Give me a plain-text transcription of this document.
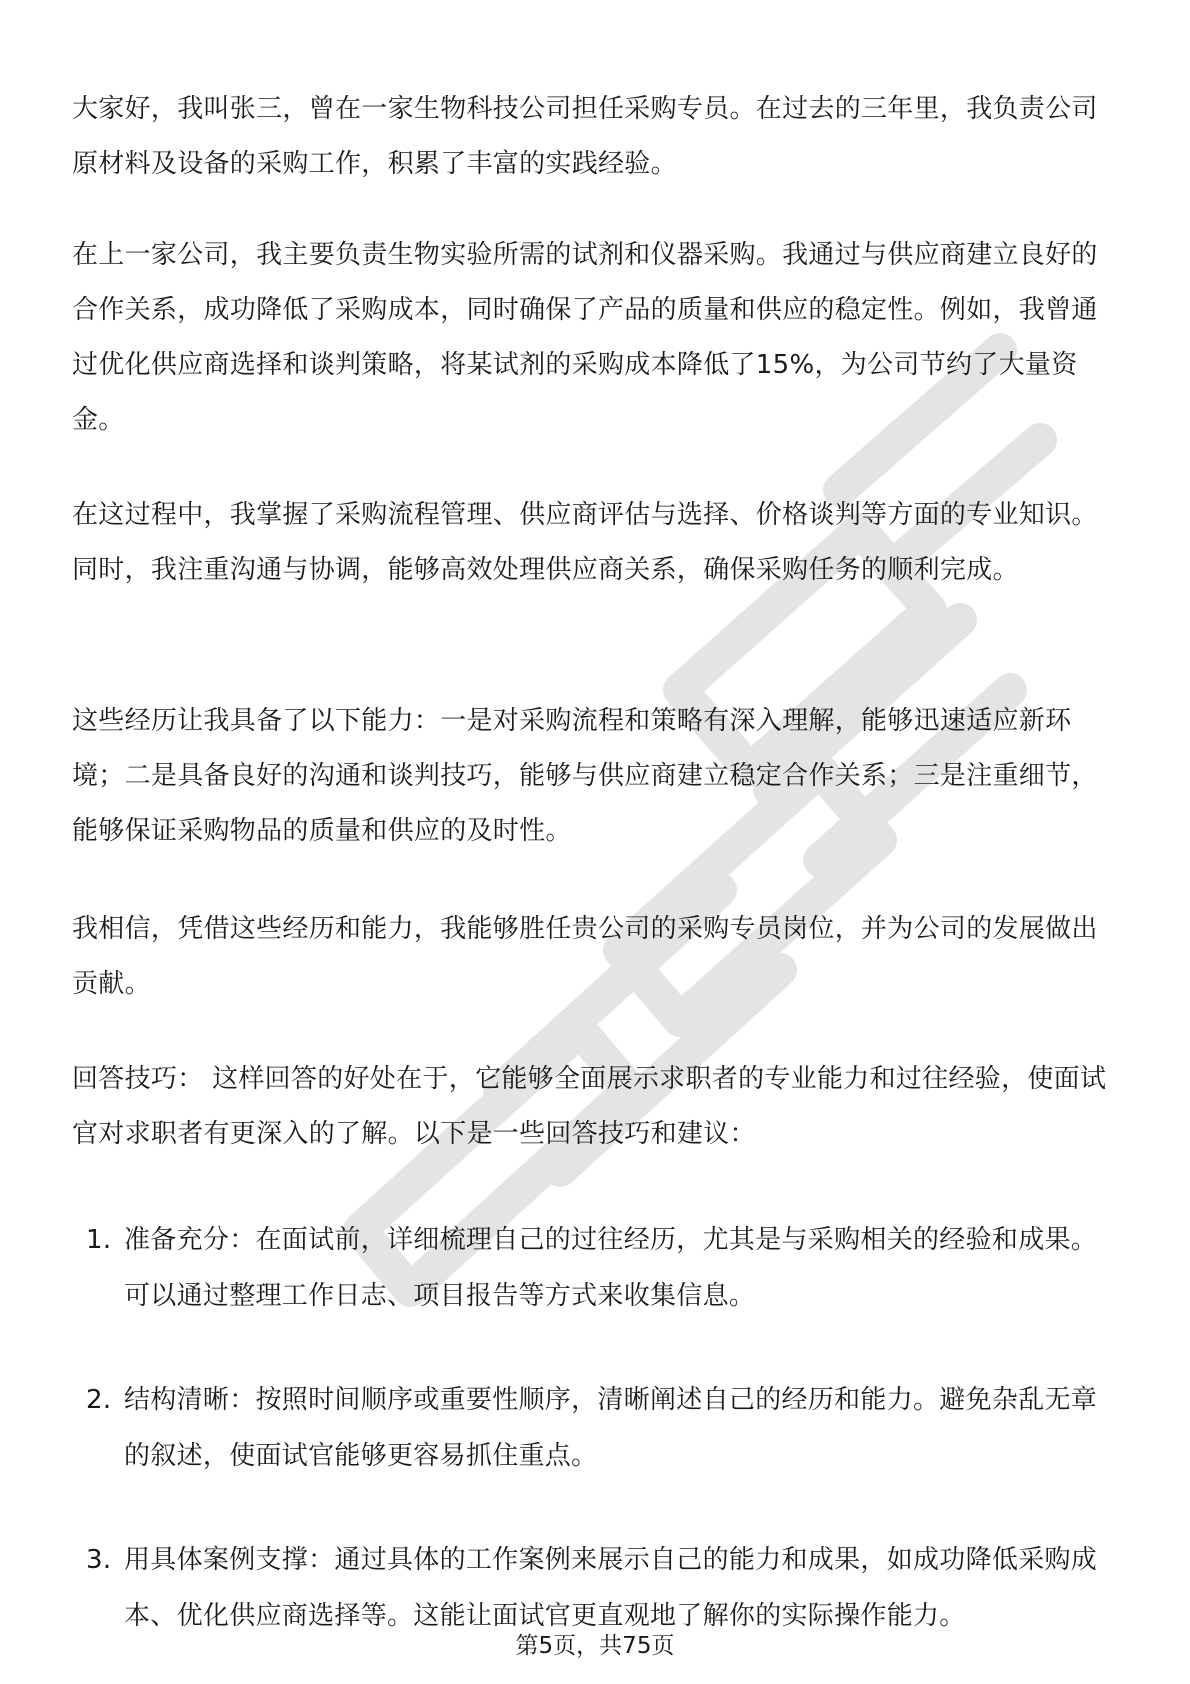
大家好，我叫张三，曾在一家生物科技公司担任采购专员。在过去的三年里，我负责公司原材料及设备的采购工作，积累了丰富的实践经验。

在上一家公司，我主要负责生物实验所需的试剂和仪器采购。我通过与供应商建立良好的合作关系，成功降低了采购成本，同时确保了产品的质量和供应的稳定性。例如，我曾通过优化供应商选择和谈判策略，将某试剂的采购成本降低了15%，为公司节约了大量资金。

在这过程中，我掌握了采购流程管理、供应商评估与选择、价格谈判等方面的专业知识。同时，我注重沟通与协调，能够高效处理供应商关系，确保采购任务的顺利完成。

这些经历让我具备了以下能力：一是对采购流程和策略有深入理解，能够迅速适应新环境；二是具备良好的沟通和谈判技巧，能够与供应商建立稳定合作关系；三是注重细节，能够保证采购物品的质量和供应的及时性。

我相信，凭借这些经历和能力，我能够胜任贵公司的采购专员岗位，并为公司的发展做出贡献。

回答技巧： 这样回答的好处在于，它能够全面展示求职者的专业能力和过往经验，使面试官对求职者有更深入的了解。以下是一些回答技巧和建议：

1. 准备充分：在面试前，详细梳理自己的过往经历，尤其是与采购相关的经验和成果。可以通过整理工作日志、项目报告等方式来收集信息。
2. 结构清晰：按照时间顺序或重要性顺序，清晰阐述自己的经历和能力。避免杂乱无章的叙述，使面试官能够更容易抓住重点。
3. 用具体案例支撑：通过具体的工作案例来展示自己的能力和成果，如成功降低采购成本、优化供应商选择等。这能让面试官更直观地了解你的实际操作能力。
第5页，共75页
